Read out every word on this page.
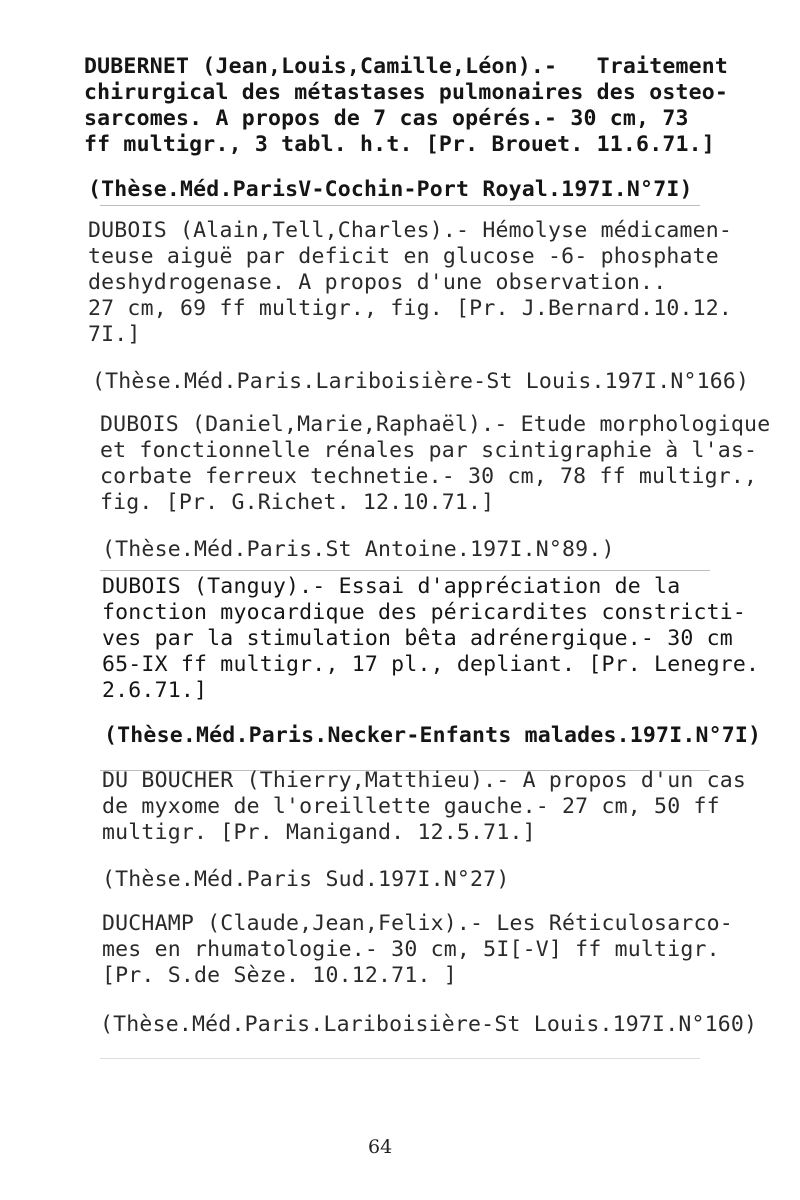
DUBERNET (Jean,Louis,Camille,Léon).-   Traitement
chirurgical des métastases pulmonaires des osteo-
sarcomes. A propos de 7 cas opérés.- 30 cm, 73
ff multigr., 3 tabl. h.t. [Pr. Brouet. 11.6.71.]
(Thèse.Méd.ParisV-Cochin-Port Royal.197I.N°7I)
DUBOIS (Alain,Tell,Charles).- Hémolyse médicamen-
teuse aiguë par deficit en glucose -6- phosphate
deshydrogenase. A propos d'une observation..
27 cm, 69 ff multigr., fig. [Pr. J.Bernard.10.12.
7I.]
(Thèse.Méd.Paris.Lariboisière-St Louis.197I.N°166)
DUBOIS (Daniel,Marie,Raphaël).- Etude morphologique
et fonctionnelle rénales par scintigraphie à l'as-
corbate ferreux technetie.- 30 cm, 78 ff multigr.,
fig. [Pr. G.Richet. 12.10.71.]
(Thèse.Méd.Paris.St Antoine.197I.N°89.)
DUBOIS (Tanguy).- Essai d'appréciation de la
fonction myocardique des péricardites constricti-
ves par la stimulation bêta adrénergique.- 30 cm
65-IX ff multigr., 17 pl., depliant. [Pr. Lenegre.
2.6.71.]
(Thèse.Méd.Paris.Necker-Enfants malades.197I.N°7I)
DU BOUCHER (Thierry,Matthieu).- A propos d'un cas
de myxome de l'oreillette gauche.- 27 cm, 50 ff
multigr. [Pr. Manigand. 12.5.71.]
(Thèse.Méd.Paris Sud.197I.N°27)
DUCHAMP (Claude,Jean,Felix).- Les Réticulosarco-
mes en rhumatologie.- 30 cm, 5I[-V] ff multigr.
[Pr. S.de Sèze. 10.12.71. ]
(Thèse.Méd.Paris.Lariboisière-St Louis.197I.N°160)
64
